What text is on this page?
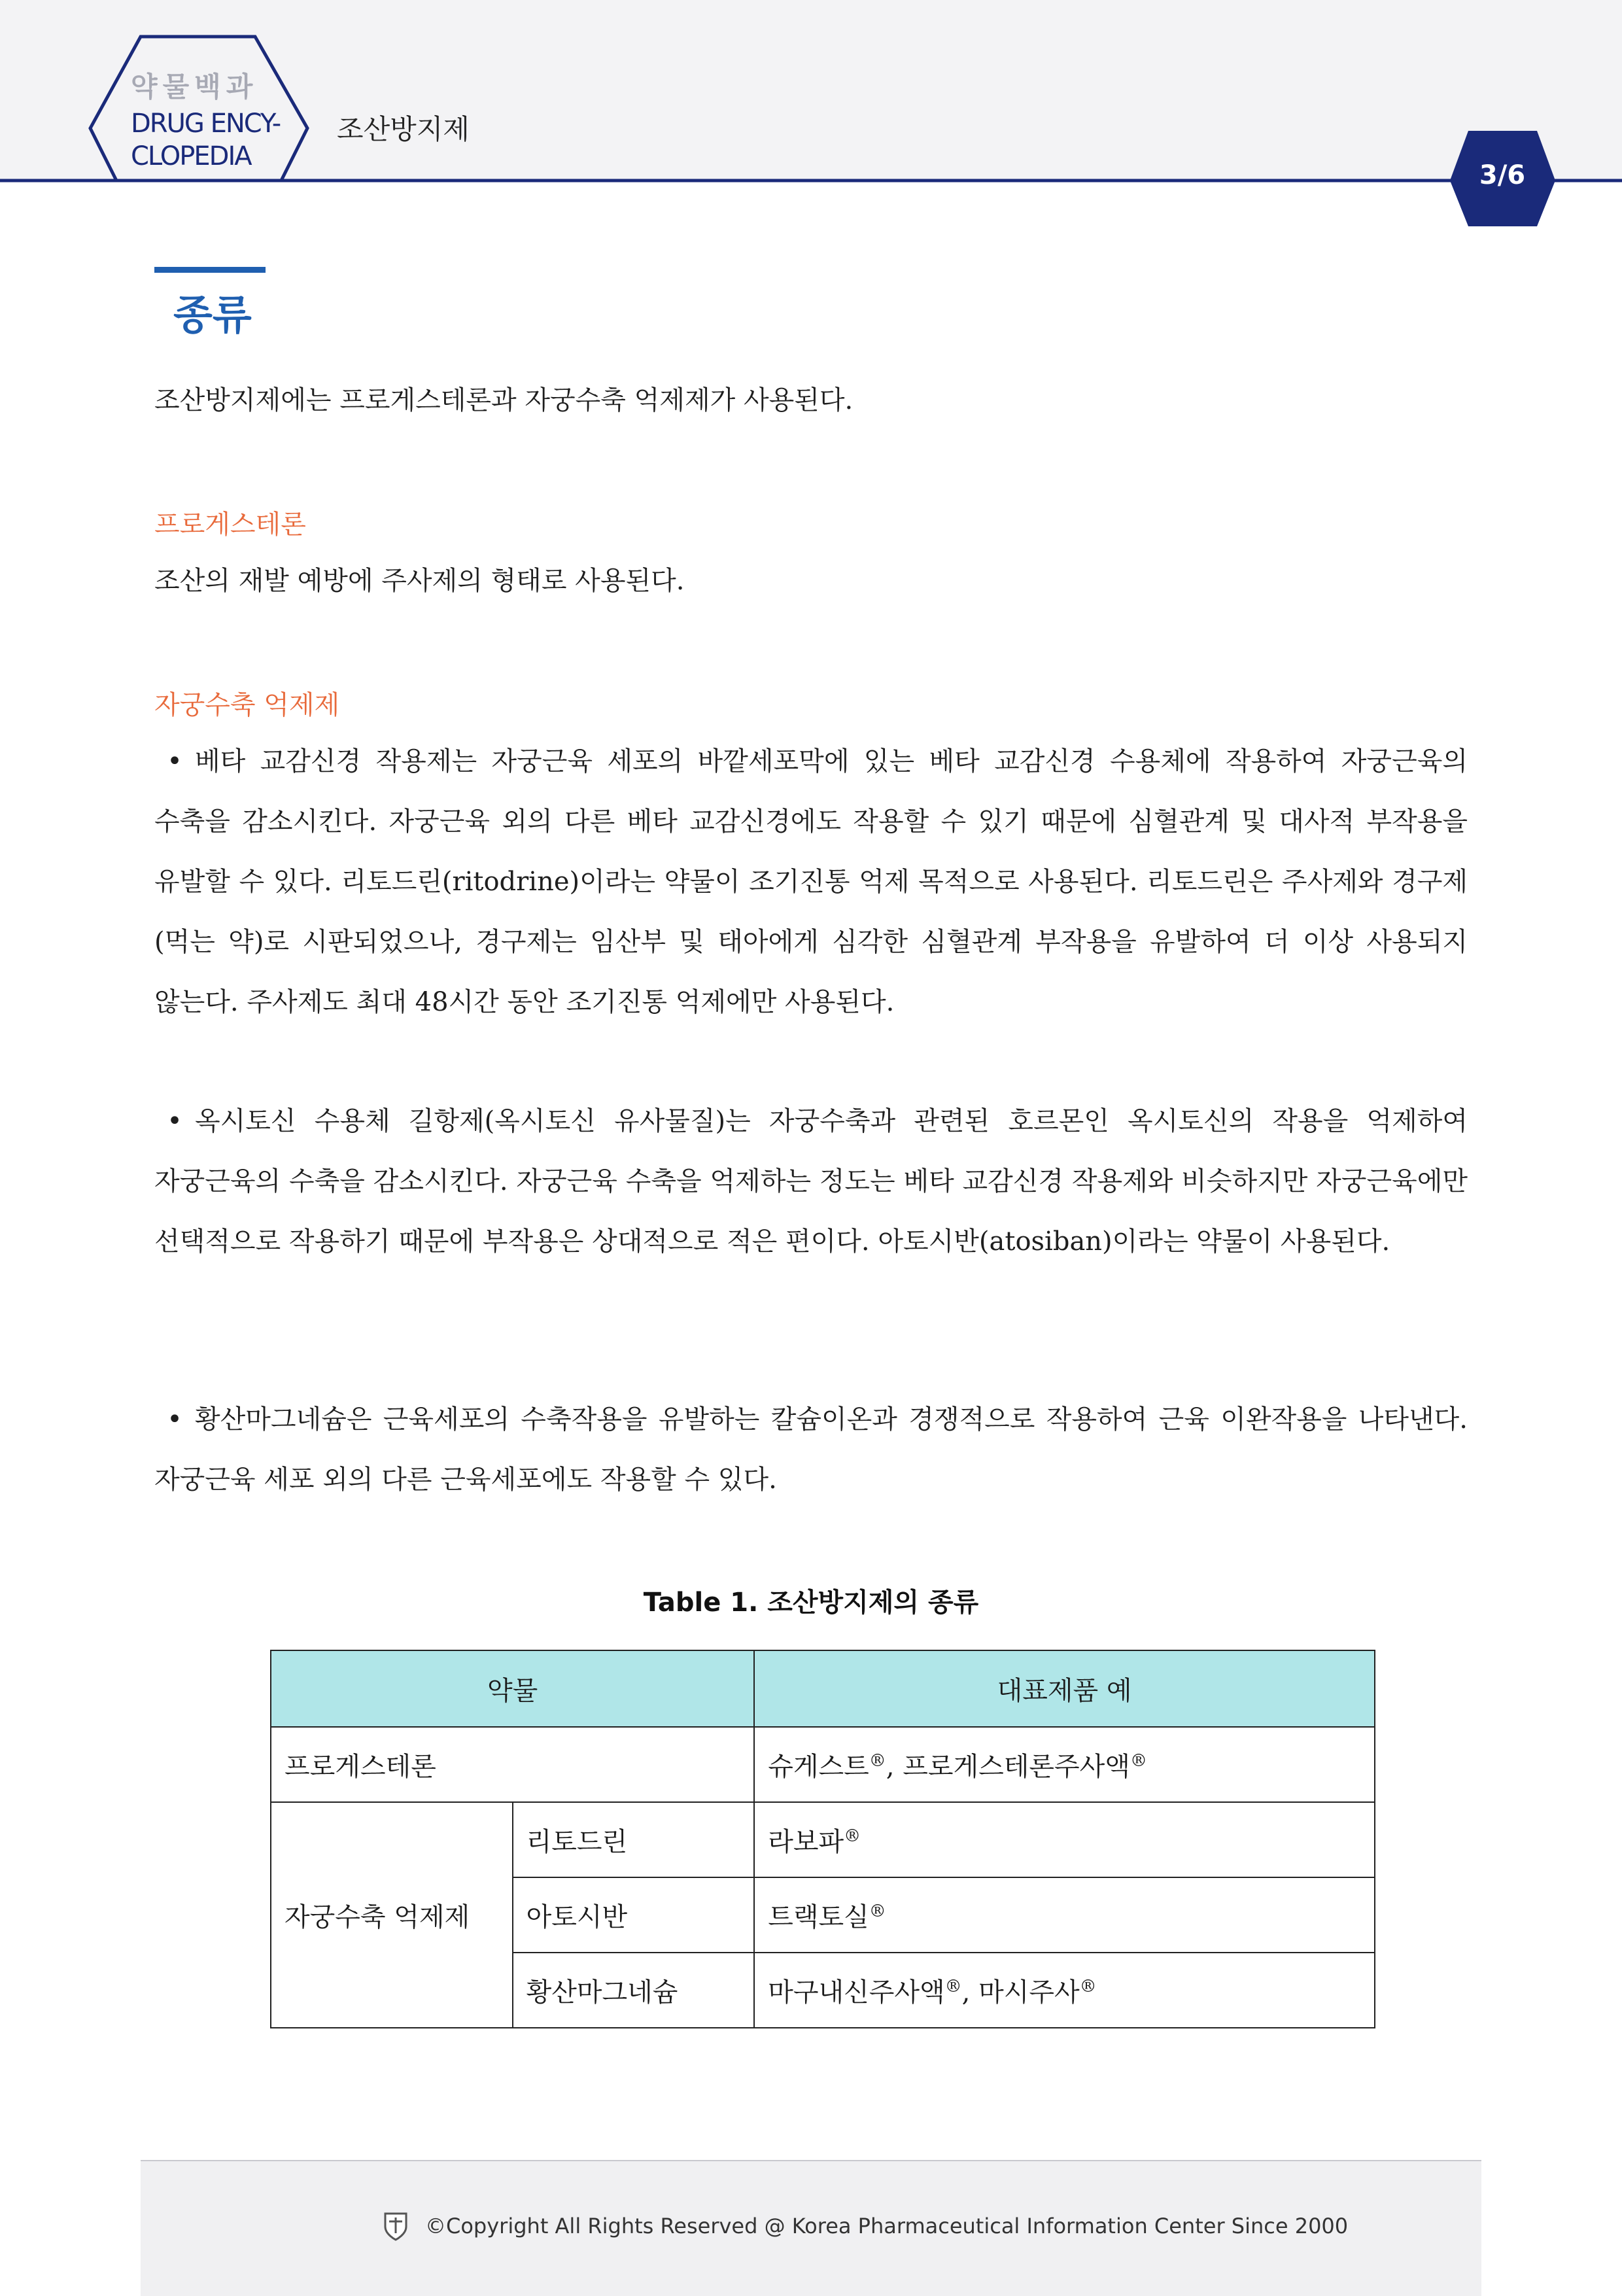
약물백과
DRUG ENCY-
CLOPEDIA
조산방지제
3/6
종류
조산방지제에는 프로게스테론과 자궁수축 억제제가 사용된다.
프로게스테론
조산의 재발 예방에 주사제의 형태로 사용된다.
자궁수축 억제제
• 베타 교감신경 작용제는 자궁근육 세포의 바깥세포막에 있는 베타 교감신경 수용체에 작용하여 자궁근육의 수축을 감소시킨다. 자궁근육 외의 다른 베타 교감신경에도 작용할 수 있기 때문에 심혈관계 및 대사적 부작용을 유발할 수 있다. 리토드린(ritodrine)이라는 약물이 조기진통 억제 목적으로 사용된다. 리토드린은 주사제와 경구제(먹는 약)로 시판되었으나, 경구제는 임산부 및 태아에게 심각한 심혈관계 부작용을 유발하여 더 이상 사용되지 않는다. 주사제도 최대 48시간 동안 조기진통 억제에만 사용된다.
• 옥시토신 수용체 길항제(옥시토신 유사물질)는 자궁수축과 관련된 호르몬인 옥시토신의 작용을 억제하여 자궁근육의 수축을 감소시킨다. 자궁근육 수축을 억제하는 정도는 베타 교감신경 작용제와 비슷하지만 자궁근육에만 선택적으로 작용하기 때문에 부작용은 상대적으로 적은 편이다. 아토시반(atosiban)이라는 약물이 사용된다.
• 황산마그네슘은 근육세포의 수축작용을 유발하는 칼슘이온과 경쟁적으로 작용하여 근육 이완작용을 나타낸다. 자궁근육 세포 외의 다른 근육세포에도 작용할 수 있다.
Table 1. 조산방지제의 종류
약물		대표제품 예
프로게스테론		슈게스트®, 프로게스테론주사액®
자궁수축 억제제	리토드린	라보파®
	아토시반	트랙토실®
	황산마그네슘	마구내신주사액®, 마시주사®
©Copyright All Rights Reserved @ Korea Pharmaceutical Information Center Since 2000
